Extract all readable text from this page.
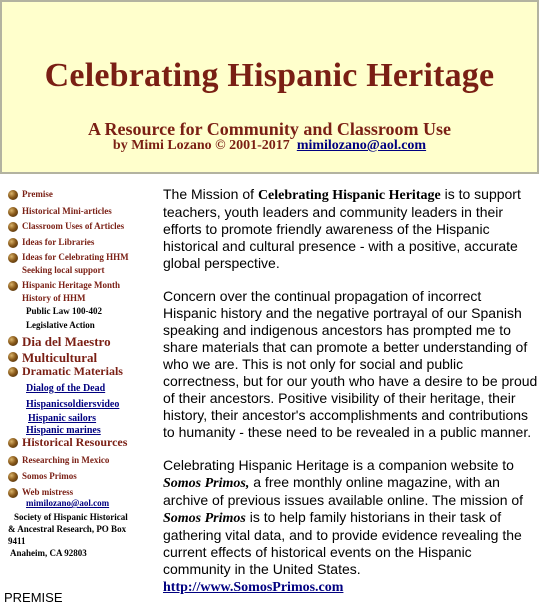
Celebrating Hispanic Heritage
A Resource for Community and Classroom Use
by Mimi Lozano © 2001-2017 mimilozano@aol.com
Premise
Historical Mini-articles
Classroom Uses of Articles
Ideas for Libraries
Ideas for Celebrating HHM
Seeking local support
Hispanic Heritage Month
History of HHM
Public Law 100-402
Legislative Action
Dia del Maestro
Multicultural
Dramatic Materials
Dialog of the Dead
Hispanicsoldiersvideo
Hispanic sailors
Hispanic marines
Historical Resources
Researching in Mexico
Somos Primos
Web mistress
mimilozano@aol.com
Society of Hispanic Historical
& Ancestral Research, PO Box
9411
Anaheim, CA 92803

The Mission of Celebrating Hispanic Heritage is to support teachers, youth leaders and community leaders in their efforts to promote friendly awareness of the Hispanic historical and cultural presence - with a positive, accurate global perspective.

Concern over the continual propagation of incorrect Hispanic history and the negative portrayal of our Spanish speaking and indigenous ancestors has prompted me to share materials that can promote a better understanding of who we are. This is not only for social and public correctness, but for our youth who have a desire to be proud of their ancestors. Positive visibility of their heritage, their history, their ancestor's accomplishments and contributions to humanity - these need to be revealed in a public manner.

Celebrating Hispanic Heritage is a companion website to Somos Primos, a free monthly online magazine, with an archive of previous issues available online. The mission of Somos Primos is to help family historians in their task of gathering vital data, and to provide evidence revealing the current effects of historical events on the Hispanic community in the United States.

http://www.SomosPrimos.com
PREMISE
